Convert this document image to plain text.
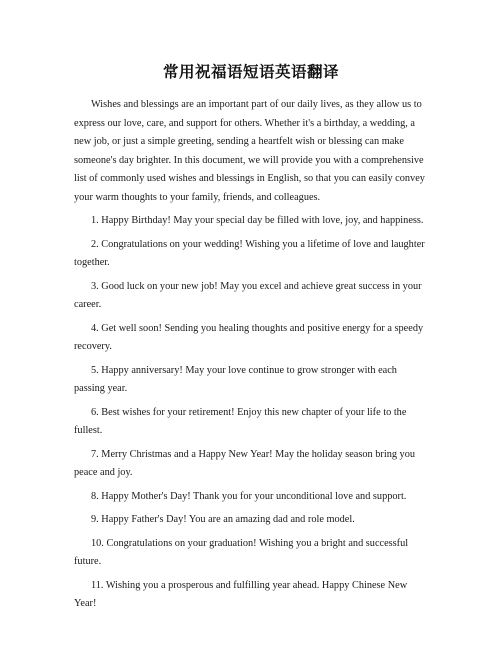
常用祝福语短语英语翻译

Wishes and blessings are an important part of our daily lives, as they allow us to express our love, care, and support for others. Whether it's a birthday, a wedding, a new job, or just a simple greeting, sending a heartfelt wish or blessing can make someone's day brighter. In this document, we will provide you with a comprehensive list of commonly used wishes and blessings in English, so that you can easily convey your warm thoughts to your family, friends, and colleagues.

1. Happy Birthday! May your special day be filled with love, joy, and happiness.

2. Congratulations on your wedding! Wishing you a lifetime of love and laughter together.

3. Good luck on your new job! May you excel and achieve great success in your career.

4. Get well soon! Sending you healing thoughts and positive energy for a speedy recovery.

5. Happy anniversary! May your love continue to grow stronger with each passing year.

6. Best wishes for your retirement! Enjoy this new chapter of your life to the fullest.

7. Merry Christmas and a Happy New Year! May the holiday season bring you peace and joy.

8. Happy Mother's Day! Thank you for your unconditional love and support.

9. Happy Father's Day! You are an amazing dad and role model.

10. Congratulations on your graduation! Wishing you a bright and successful future.

11. Wishing you a prosperous and fulfilling year ahead. Happy Chinese New Year!
